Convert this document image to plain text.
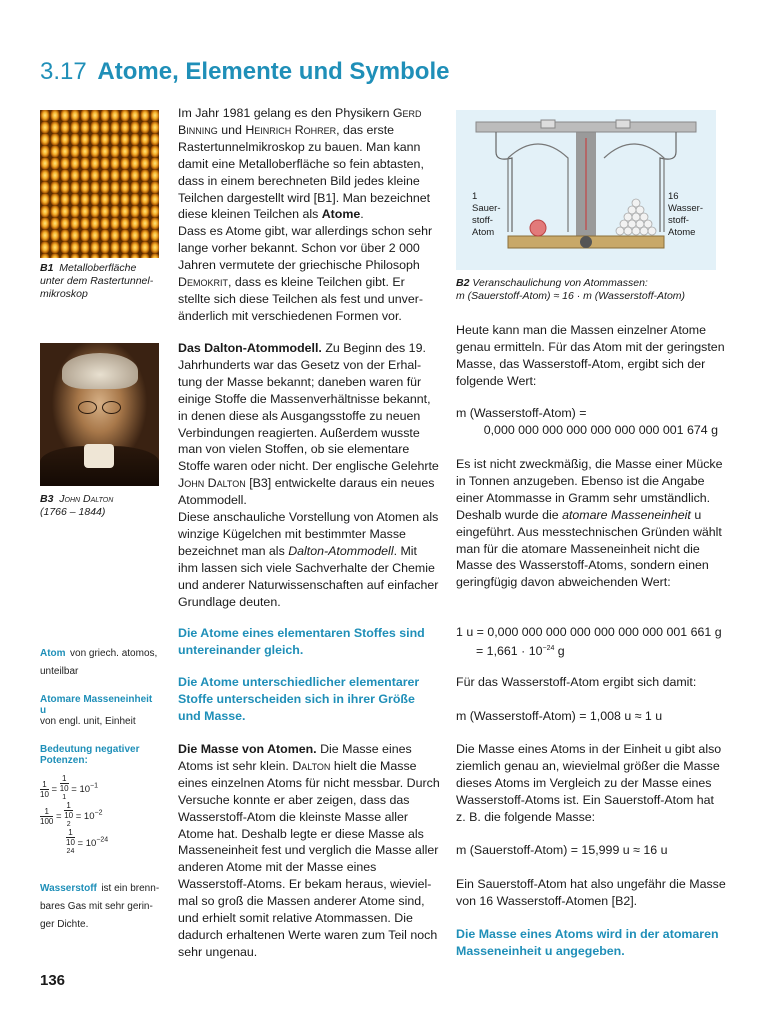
3.17 Atome, Elemente und Symbole
B1 Metalloberfläche unter dem Rastertunnelmikroskop
B3 John Dalton
(1766 – 1844)
Atom von griech. atomos, unteilbar
Atomare Masseneinheit u
von engl. unit, Einheit
Bedeutung negativer Potenzen:
$\frac{1}{10} = 1$
10
$^1 = 10^{-1}$
$\frac{1}{100} = 1$
10
$^2 = 10^{-2}$
1
10
$^{24} = 10^{-24}$
Wasserstoff ist ein brennbares Gas mit sehr geringer Dichte.

Im Jahr 1981 gelang es den Physikern Gerd Binning und Heinrich Rohrer, das erste Rastertunnelmikroskop zu bauen. Man kann damit eine Metalloberfläche so fein abtasten, dass in einem berechneten Bild jedes kleine Teilchen dargestellt wird [B1]. Man bezeichnet diese kleinen Teilchen als Atome.

Dass es Atome gibt, war allerdings schon sehr lange vorher bekannt. Schon vor über 2 000 Jahren vermutete der griechische Philosoph Demokrit, dass es kleine Teilchen gibt. Er stellte sich diese Teilchen als fest und unveränderlich mit verschiedenen Formen vor.

Das Dalton-Atommodell. Zu Beginn des 19. Jahrhunderts war das Gesetz von der Erhaltung der Masse bekannt; daneben waren für einige Stoffe die Massenverhältnisse bekannt, in denen diese als Ausgangsstoffe zu neuen Verbindungen reagierten. Außerdem wusste man von vielen Stoffen, ob sie elementare Stoffe waren oder nicht. Der englische Gelehrte John Dalton [B3] entwickelte daraus ein neues Atommodell.

Diese anschauliche Vorstellung von Atomen als winzige Kügelchen mit bestimmter Masse bezeichnet man als Dalton-Atommodell. Mit ihm lassen sich viele Sachverhalte der Chemie und anderer Naturwissenschaften auf einfacher Grundlage deuten.

Die Atome eines elementaren Stoffes sind untereinander gleich.
Die Atome unterschiedlicher elementarer Stoffe unterscheiden sich in ihrer Größe und Masse.

Die Masse von Atomen. Die Masse eines Atoms ist sehr klein. Dalton hielt die Masse eines einzelnen Atoms für nicht messbar. Durch Versuche konnte er aber zeigen, dass das Wasserstoff-Atom die kleinste Masse aller Atome hat. Deshalb legte er diese Masse als Masseneinheit fest und verglich die Masse aller anderen Atome mit der Masse eines Wasserstoff-Atoms. Er bekam heraus, wievielmal so groß die Massen anderer Atome sind, und erhielt somit relative Atommassen. Die dadurch erhaltenen Werte waren zum Teil noch sehr ungenau.

1
Sauer-
stoff-
Atom
16
Wasser-
stoff-
Atome
B2 Veranschaulichung von Atommassen:
m (Sauerstoff-Atom) ≈ 16 · m (Wasserstoff-Atom)
Heute kann man die Massen einzelner Atome genau ermitteln. Für das Atom mit der geringsten Masse, das Wasserstoff-Atom, ergibt sich der folgende Wert:
m (Wasserstoff-Atom) =
0,000 000 000 000 000 000 000 001 674 g
Es ist nicht zweckmäßig, die Masse einer Mücke in Tonnen anzugeben. Ebenso ist die Angabe einer Atommasse in Gramm sehr umständlich. Deshalb wurde die atomare Masseneinheit u eingeführt. Aus messtechnischen Gründen wählt man für die atomare Masseneinheit nicht die Masse des Wasserstoff-Atoms, sondern einen geringfügig davon abweichenden Wert:
1 u = 0,000 000 000 000 000 000 000 001 661 g
= $1,661 \cdot 10^{-24}$ g
Für das Wasserstoff-Atom ergibt sich damit:
m (Wasserstoff-Atom) = 1,008 u ≈ 1 u
Die Masse eines Atoms in der Einheit u gibt also ziemlich genau an, wievielmal größer die Masse dieses Atoms im Vergleich zu der Masse eines Wasserstoff-Atoms ist. Ein Sauerstoff-Atom hat z. B. die folgende Masse:
m (Sauerstoff-Atom) = 15,999 u ≈ 16 u
Ein Sauerstoff-Atom hat also ungefähr die Masse von 16 Wasserstoff-Atomen [B2].
Die Masse eines Atoms wird in der atomaren Masseneinheit u angegeben.
136
